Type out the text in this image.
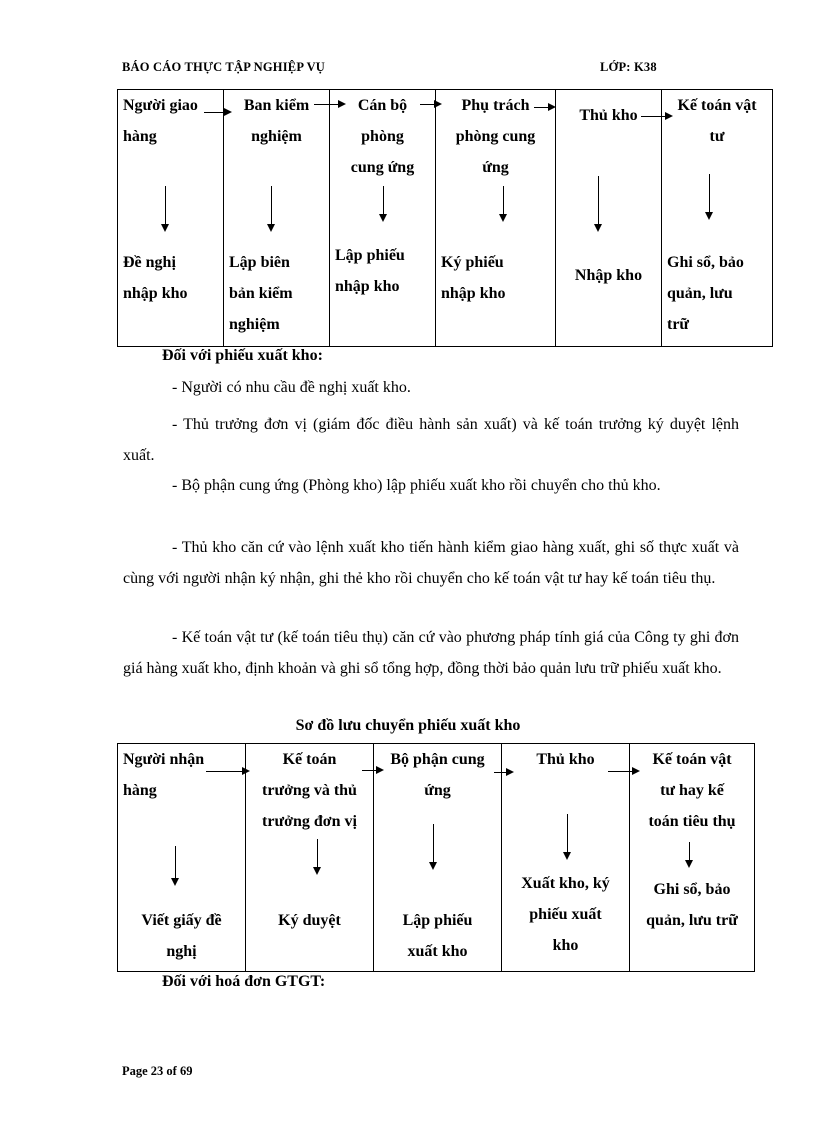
BÁO CÁO THỰC TẬP NGHIỆP VỤ	LỚP: K38
Người giao
hàng
Đề nghị
nhập kho
Ban kiểm
nghiệm
Lập biên
bản kiểm
nghiệm
Cán bộ
phòng
cung ứng
Lập phiếu
nhập kho
Phụ trách
phòng cung
ứng
Ký phiếu
nhập kho
Thủ kho
Nhập kho
Kế toán vật
tư
Ghi sổ, bảo
quản, lưu
trữ
Đối với phiếu xuất kho:

- Người có nhu cầu đề nghị xuất kho.

- Thủ trưởng đơn vị (giám đốc điều hành sản xuất) và kế toán trưởng ký duyệt lệnh xuất.

- Bộ phận cung ứng (Phòng kho) lập phiếu xuất kho rồi chuyển cho thủ kho.

- Thủ kho căn cứ vào lệnh xuất kho tiến hành kiểm giao hàng xuất, ghi số thực xuất và cùng với người nhận ký nhận, ghi thẻ kho rồi chuyển cho kế toán vật tư hay kế toán tiêu thụ.

- Kế toán vật tư (kế toán tiêu thụ) căn cứ vào phương pháp tính giá của Công ty ghi đơn giá hàng xuất kho, định khoản và ghi sổ tổng hợp, đồng thời bảo quản lưu trữ phiếu xuất kho.

Sơ đồ lưu chuyển phiếu xuất kho
Người nhận
hàng
Viết giấy đề
nghị
Kế toán
trưởng và thủ
trưởng đơn vị
Ký duyệt
Bộ phận cung
ứng
Lập phiếu
xuất kho
Thủ kho
Xuất kho, ký
phiếu xuất
kho
Kế toán vật
tư hay kế
toán tiêu thụ
Ghi sổ, bảo
quản, lưu trữ
Đối với hoá đơn GTGT:
Page 23 of 69
